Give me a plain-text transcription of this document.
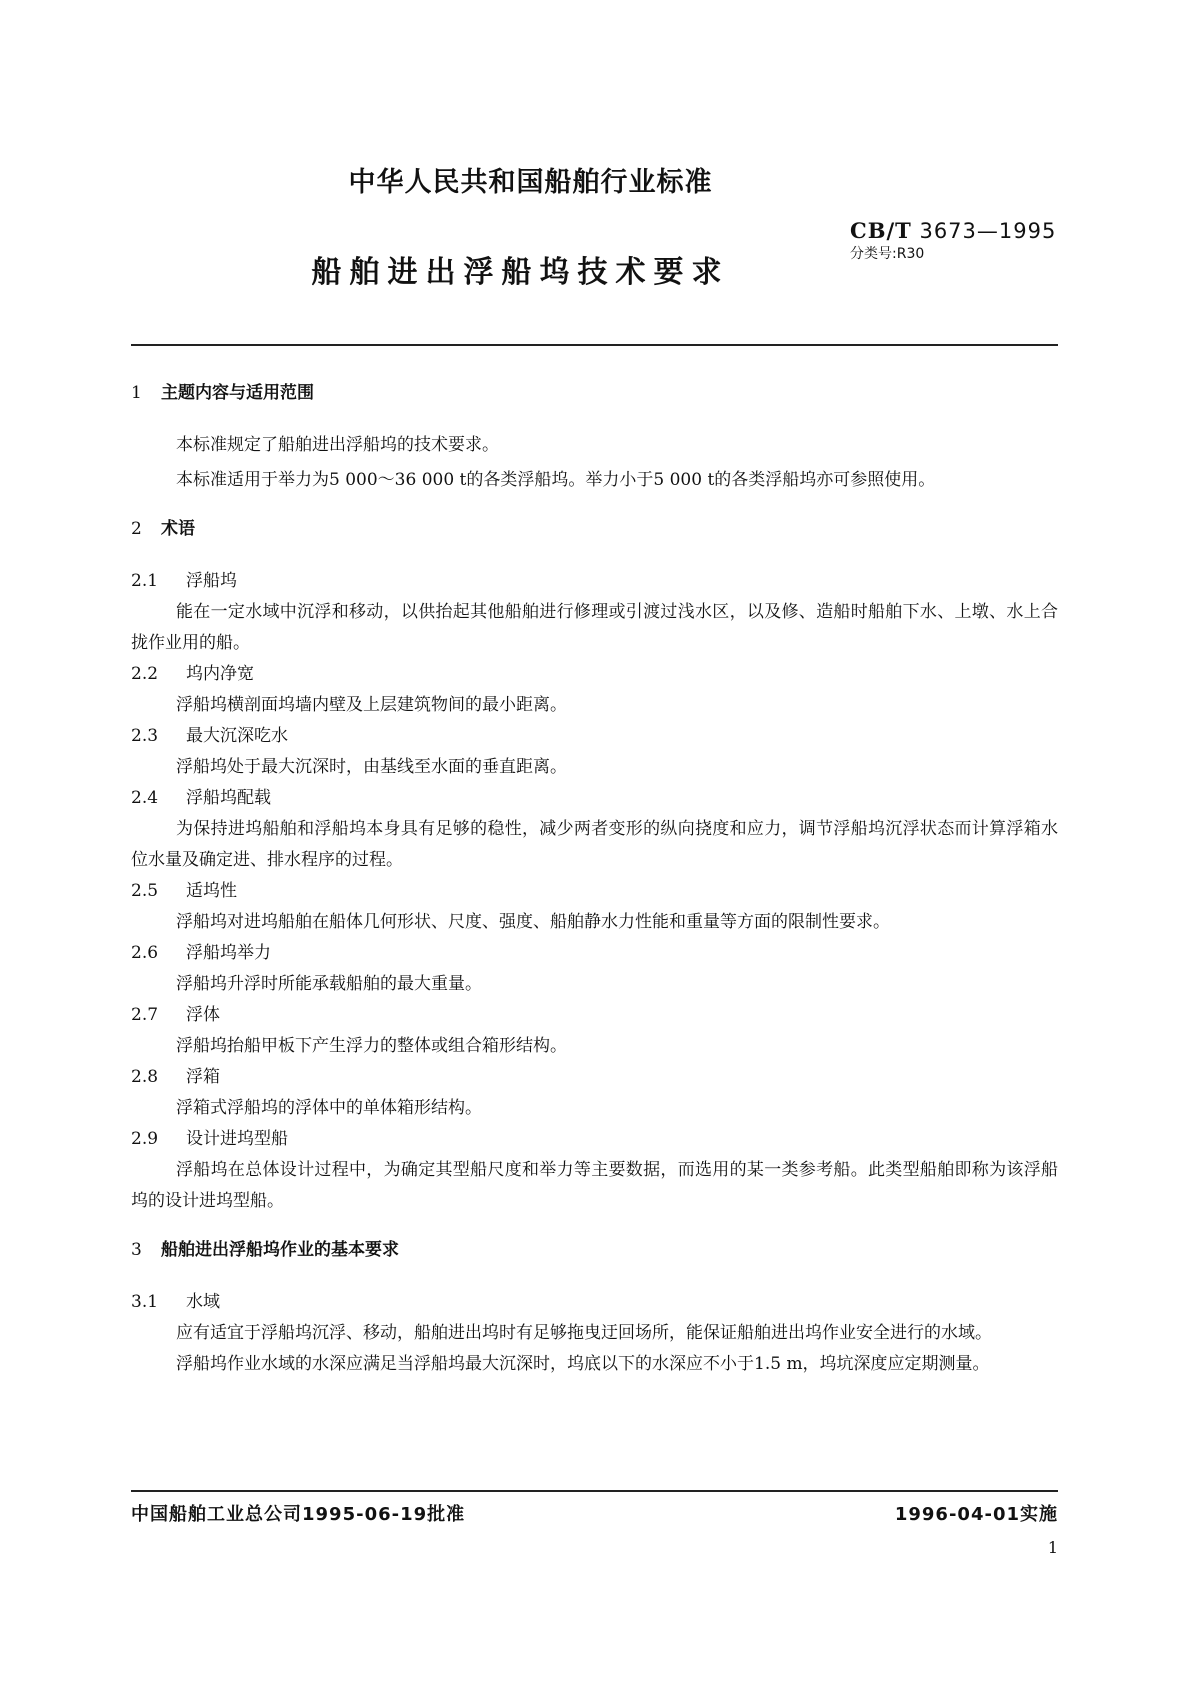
中华人民共和国船舶行业标准
CB/T 3673—1995
分类号:R30
船舶进出浮船坞技术要求
1 主题内容与适用范围

本标准规定了船舶进出浮船坞的技术要求。

本标准适用于举力为5 000～36 000 t的各类浮船坞。举力小于5 000 t的各类浮船坞亦可参照使用。

2 术语
2.1 浮船坞

能在一定水域中沉浮和移动，以供抬起其他船舶进行修理或引渡过浅水区，以及修、造船时船舶下水、上墩、水上合拢作业用的船。

2.2 坞内净宽

浮船坞横剖面坞墙内壁及上层建筑物间的最小距离。

2.3 最大沉深吃水

浮船坞处于最大沉深时，由基线至水面的垂直距离。

2.4 浮船坞配载

为保持进坞船舶和浮船坞本身具有足够的稳性，减少两者变形的纵向挠度和应力，调节浮船坞沉浮状态而计算浮箱水位水量及确定进、排水程序的过程。

2.5 适坞性

浮船坞对进坞船舶在船体几何形状、尺度、强度、船舶静水力性能和重量等方面的限制性要求。

2.6 浮船坞举力

浮船坞升浮时所能承载船舶的最大重量。

2.7 浮体

浮船坞抬船甲板下产生浮力的整体或组合箱形结构。

2.8 浮箱

浮箱式浮船坞的浮体中的单体箱形结构。

2.9 设计进坞型船

浮船坞在总体设计过程中，为确定其型船尺度和举力等主要数据，而选用的某一类参考船。此类型船舶即称为该浮船坞的设计进坞型船。

3 船舶进出浮船坞作业的基本要求
3.1 水域

应有适宜于浮船坞沉浮、移动，船舶进出坞时有足够拖曳迂回场所，能保证船舶进出坞作业安全进行的水域。

浮船坞作业水域的水深应满足当浮船坞最大沉深时，坞底以下的水深应不小于1.5 m，坞坑深度应定期测量。

中国船舶工业总公司1995-06-19批准	1996-04-01实施
1
